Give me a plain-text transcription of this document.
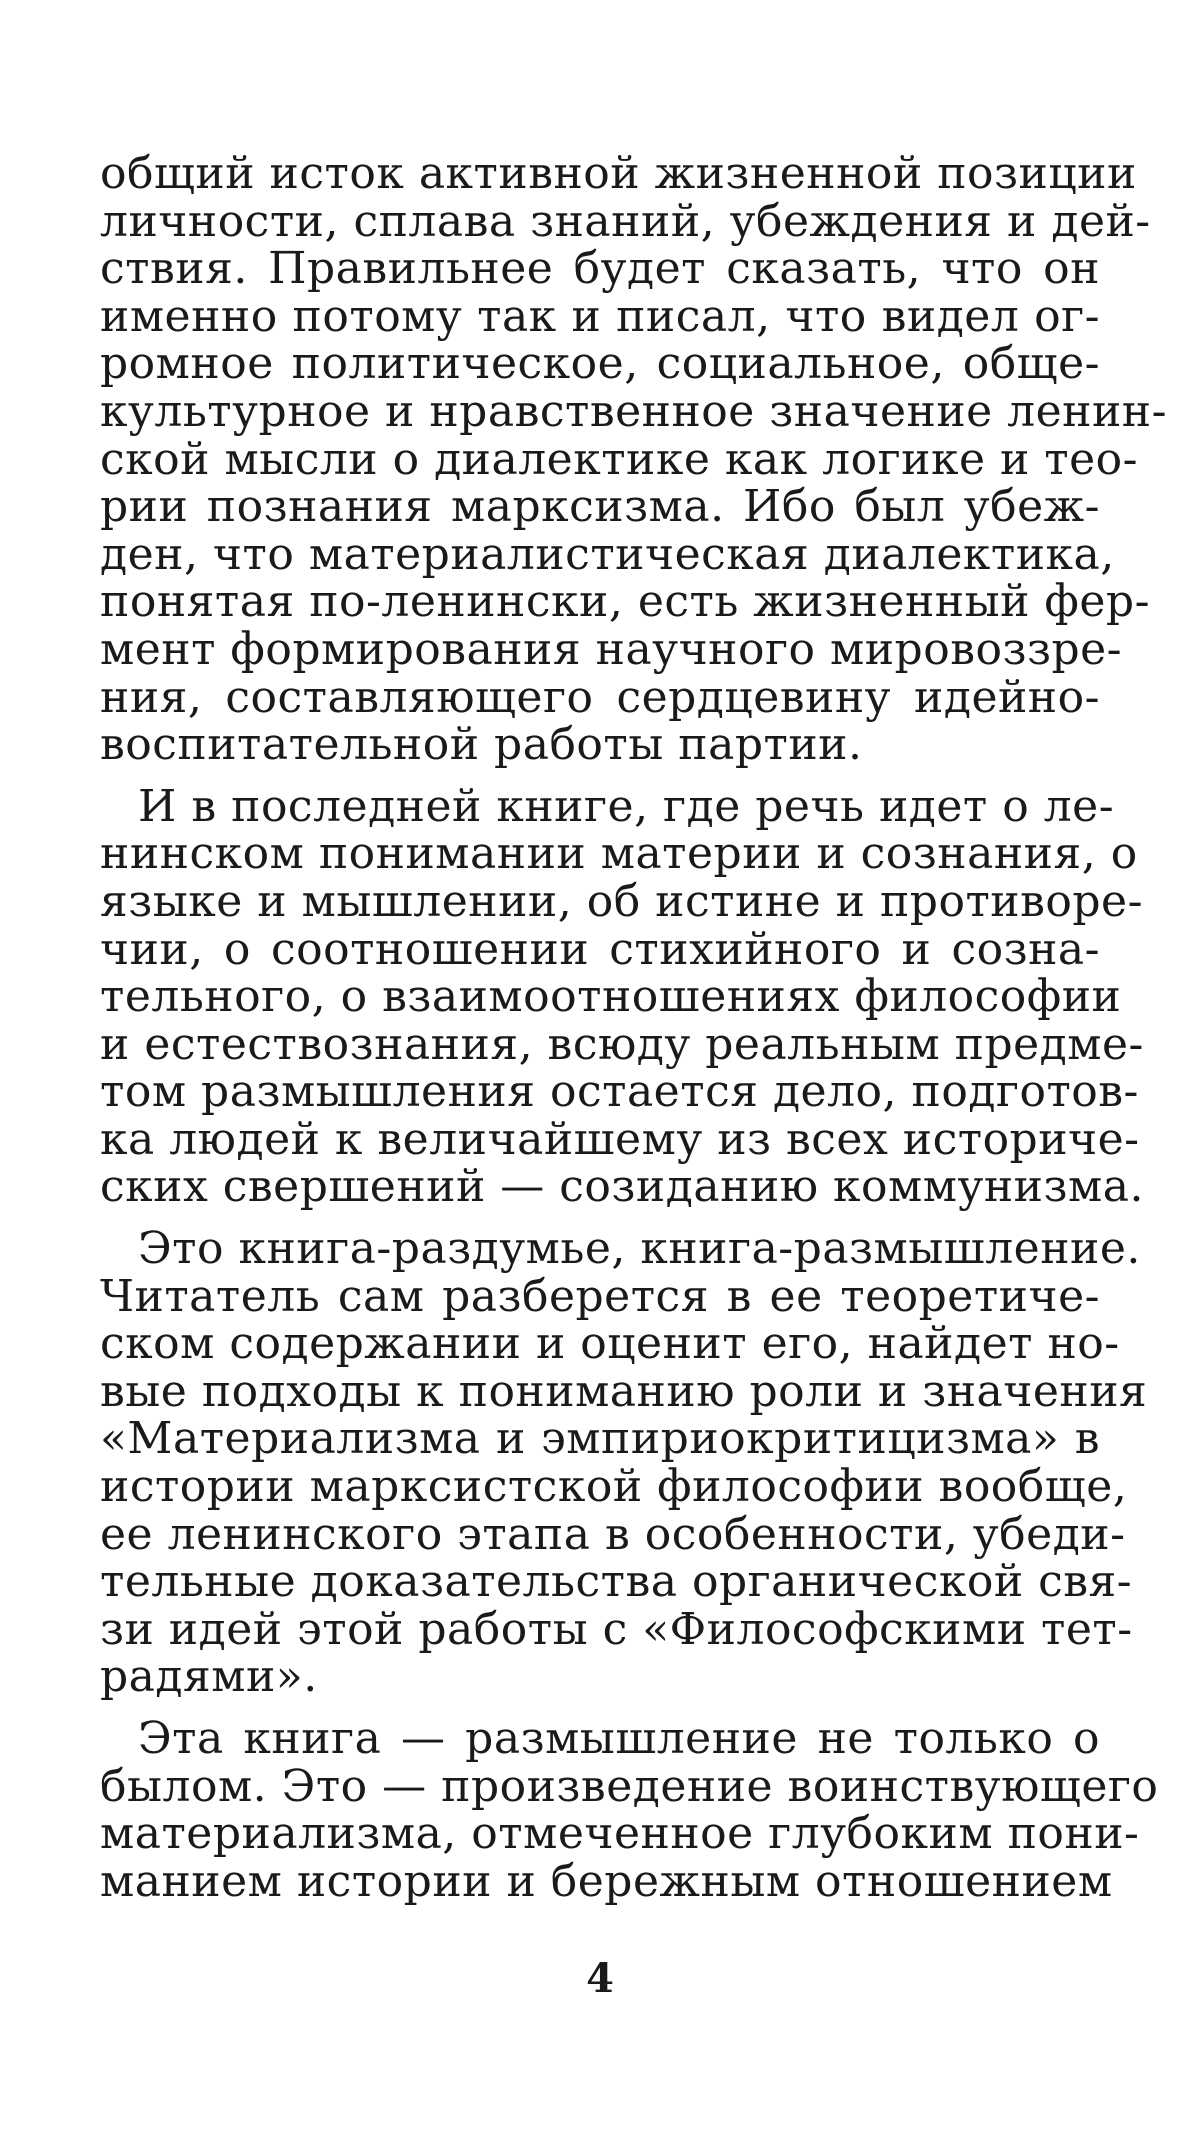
общий исток активной жизненной позиции
личности, сплава знаний, убеждения и дей-
ствия. Правильнее будет сказать, что он
именно потому так и писал, что видел ог-
ромное политическое, социальное, обще-
культурное и нравственное значение ленин-
ской мысли о диалектике как логике и тео-
рии познания марксизма. Ибо был убеж-
ден, что материалистическая диалектика,
понятая по-ленински, есть жизненный фер-
мент формирования научного мировоззре-
ния, составляющего сердцевину идейно-
воспитательной работы партии.
И в последней книге, где речь идет о ле-
нинском понимании материи и сознания, о
языке и мышлении, об истине и противоре-
чии, о соотношении стихийного и созна-
тельного, о взаимоотношениях философии
и естествознания, всюду реальным предме-
том размышления остается дело, подготов-
ка людей к величайшему из всех историче-
ских свершений — созиданию коммунизма.
Это книга-раздумье, книга-размышление.
Читатель сам разберется в ее теоретиче-
ском содержании и оценит его, найдет но-
вые подходы к пониманию роли и значения
«Материализма и эмпириокритицизма» в
истории марксистской философии вообще,
ее ленинского этапа в особенности, убеди-
тельные доказательства органической свя-
зи идей этой работы с «Философскими тет-
радями».
Эта книга — размышление не только о
былом. Это — произведение воинствующего
материализма, отмеченное глубоким пони-
манием истории и бережным отношением
4
